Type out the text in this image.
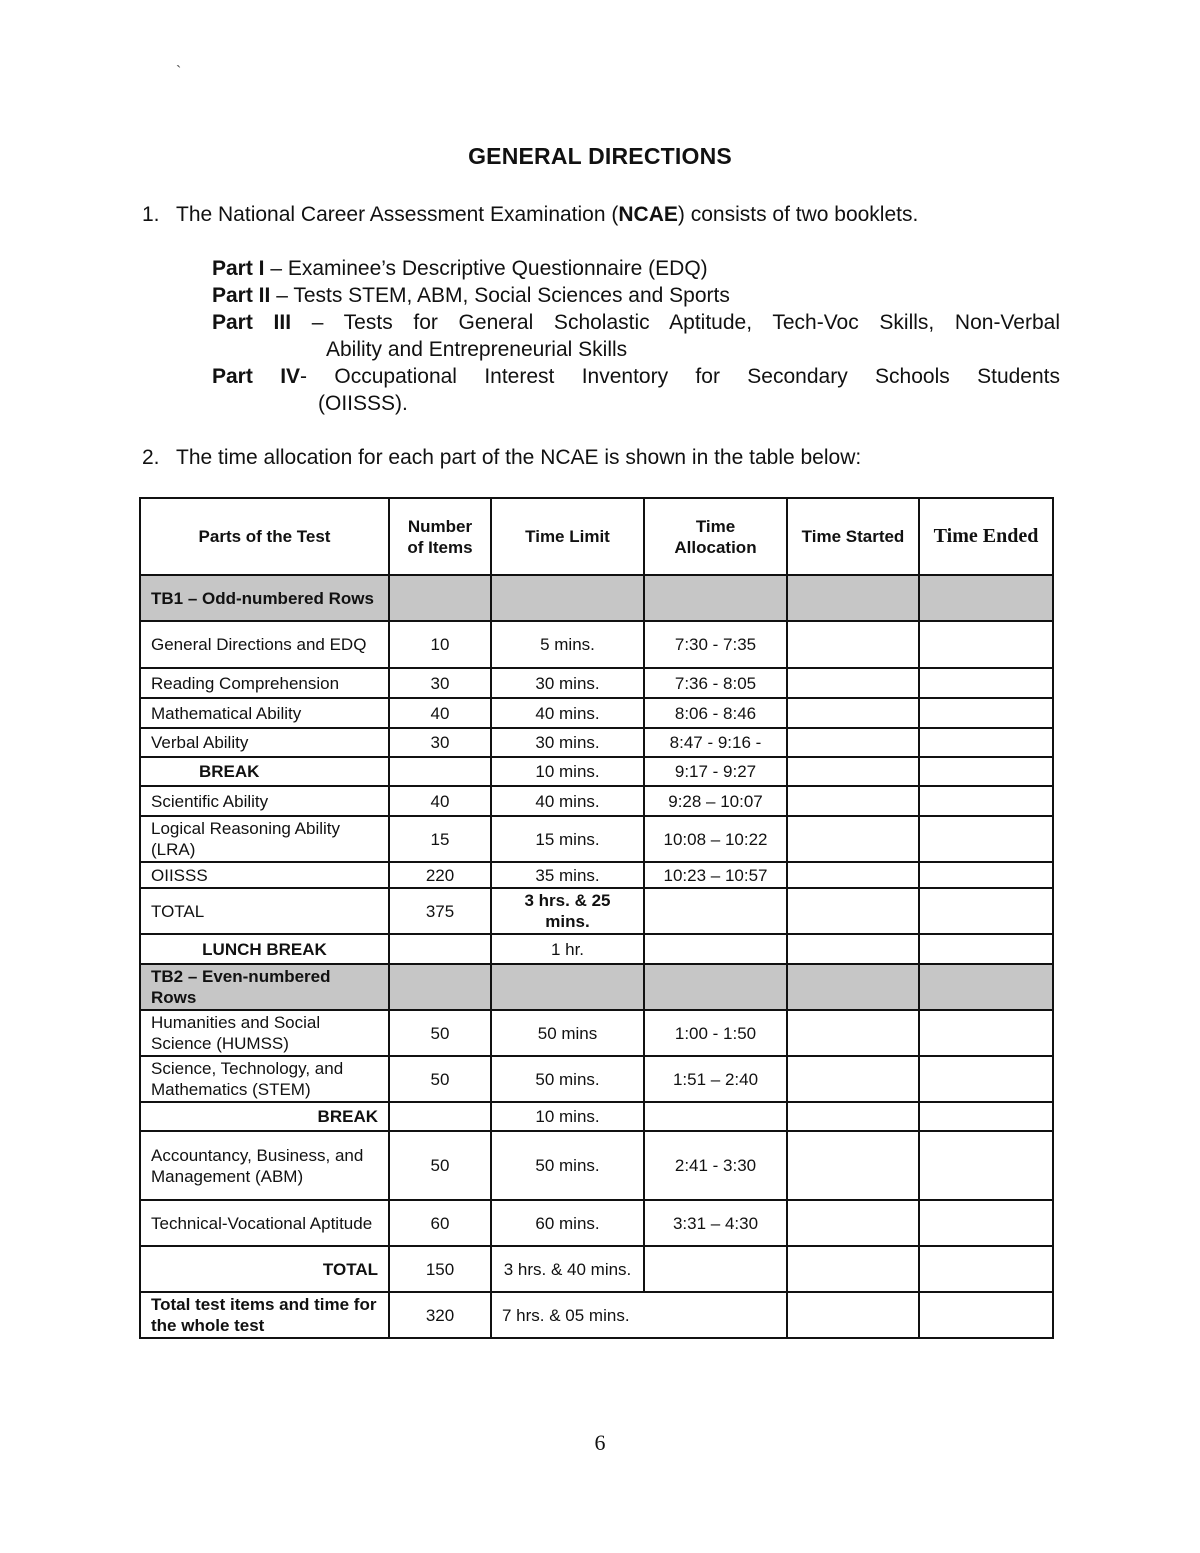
`
GENERAL DIRECTIONS
1. The National Career Assessment Examination (NCAE) consists of two booklets.
Part I – Examinee’s Descriptive Questionnaire (EDQ)
Part II – Tests STEM, ABM, Social Sciences and Sports
Part III – Tests for General Scholastic Aptitude, Tech-Voc Skills, Non-Verbal
Ability and Entrepreneurial Skills
Part IV- Occupational Interest Inventory for Secondary Schools Students
(OIISSS).
2. The time allocation for each part of the NCAE is shown in the table below:
Parts of the Test	Number of Items	Time Limit	Time Allocation	Time Started	Time Ended
TB1 – Odd-numbered Rows					
General Directions and EDQ	10	5 mins.	7:30 - 7:35		
Reading Comprehension	30	30 mins.	7:36 - 8:05		
Mathematical Ability	40	40 mins.	8:06 - 8:46		
Verbal Ability	30	30 mins.	8:47 - 9:16 -		
BREAK		10 mins.	9:17 - 9:27		
Scientific Ability	40	40 mins.	9:28 – 10:07		
Logical Reasoning Ability (LRA)	15	15 mins.	10:08 – 10:22		
OIISSS	220	35 mins.	10:23 – 10:57		
TOTAL	375	3 hrs. & 25 mins.			
LUNCH BREAK		1 hr.			
TB2 – Even-numbered Rows					
Humanities and Social Science (HUMSS)	50	50 mins	1:00 - 1:50		
Science, Technology, and Mathematics (STEM)	50	50 mins.	1:51 – 2:40		
BREAK		10 mins.			
Accountancy, Business, and Management (ABM)	50	50 mins.	2:41 - 3:30		
Technical-Vocational Aptitude	60	60 mins.	3:31 – 4:30		
TOTAL	150	3 hrs. & 40 mins.			
Total test items and time for the whole test	320	7 hrs. & 05 mins.			
6
